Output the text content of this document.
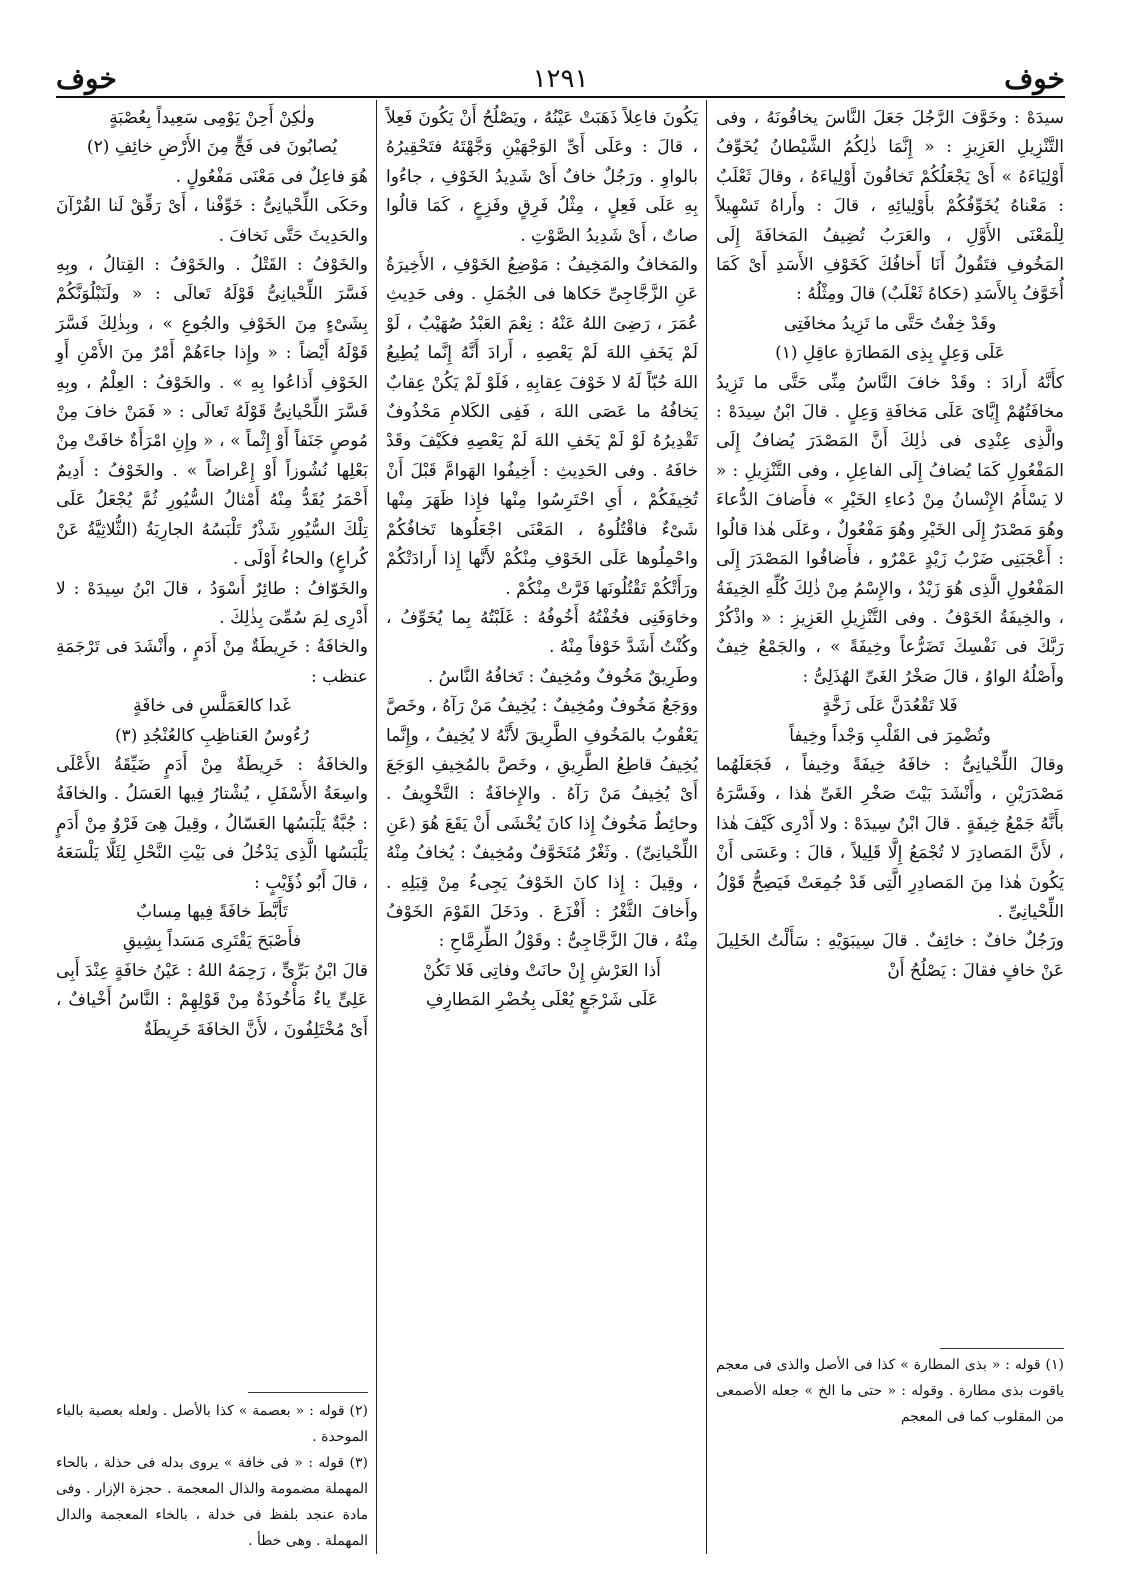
خوف
١٢٩١
خوف

سيدَهْ : وخَوَّفَ الرَّجُلَ جَعَلَ النَّاسَ يخافُونَهُ ، وفى التَّنْزِيلِ العَزِيزِ : « إِنَّمَا ذٰلِكُمُ الشَّيْطانُ يُخَوِّفُ أَوْلِيَاءَهُ » أَىْ يَجْعَلُكُمْ تَخافُونَ أَوْلِياءَهُ ، وقالَ ثَعْلَبٌ : مَعْناهُ يُخَوِّفُكُمْ بأَوْلِيائِهِ ، قالَ : وأَراهُ تَسْهِيلاً لِلْمَعْنَى الأَوَّلِ ، والعَرَبُ تُضِيفُ المَخافَةَ إِلَى المَخُوفِ فتَقُولُ أَنَا أَخافُكَ كَخَوْفِ الأَسَدِ أَىْ كَمَا أُخَوَّفُ بِالأَسَدِ (حَكاهُ ثَعْلَبٌ) قالَ ومِثْلُهُ :

وقَدْ خِفْتُ حَتَّى ما تَزِيدُ مخافَتِى

عَلَى وَعِلٍ بِذِى المَطارَةِ عاقِلِ (١)

كأَنَّهُ أَرادَ : وقَدْ خافَ النَّاسُ مِنِّى حَتَّى ما تَزِيدُ مخافَتُهُمْ إِيَّاىَ عَلَى مَخافَةِ وَعِلٍ . قالَ ابْنُ سِيدَهْ : والَّذِى عِنْدِى فى ذٰلِكَ أَنَّ المَصْدَرَ يُضافُ إِلَى المَفْعُولِ كَمَا يُضافُ إِلَى الفاعِلِ ، وفى التَّنْزِيلِ : « لا يَسْأَمُ الإِنْسانُ مِنْ دُعاءِ الخَيْرِ » فأَضافَ الدُّعاءَ وهُوَ مَصْدَرٌ إِلَى الخَيْرِ وهُوَ مَفْعُولٌ ، وعَلَى هٰذا قالُوا : أَعْجَبَنِى ضَرْبُ زَيْدٍ عَمْرٌو ، فأَضافُوا المَصْدَرَ إِلَى المَفْعُولِ الَّذِى هُوَ زَيْدٌ ، والإِسْمُ مِنْ ذٰلِكَ كُلِّهِ الخِيفَةُ ، والخِيفَةُ الخَوْفُ . وفى التَّنْزِيلِ العَزِيزِ : « واذْكُرْ رَبَّكَ فى نَفْسِكَ تَضَرُّعاً وخِيفَةً » ، والجَمْعُ خِيفٌ وأَصْلُهُ الواوُ ، قالَ صَخْرُ الغَىِّ الهُذَلِىُّ :

فَلا تَقْعُدَنَّ عَلَى زَخَّةٍ

وتُضْمِرَ فى القَلْبِ وَجْداً وخِيفاً

وقالَ اللِّحْيانِىُّ : خافَهُ خِيفَةً وخِيفاً ، فَجَعَلَهُما مَصْدَرَيْنِ ، وأَنْشَدَ بَيْتَ صَخْرِ الغَىِّ هٰذا ، وفَسَّرَهُ بأَنَّهُ جَمْعُ خِيفَةٍ . قالَ ابْنُ سِيدَهْ : ولا أَدْرِى كَيْفَ هٰذا ، لأَنَّ المَصادِرَ لا تُجْمَعُ إِلَّا قَلِيلاً ، قالَ : وعَسَى أَنْ يَكُونَ هٰذا مِنَ المَصادِرِ الَّتِى قَدْ جُمِعَتْ فَيَصِحُّ قَوْلُ اللِّحْيانِىِّ .

ورَجُلٌ خافٌ : خائِفٌ . قالَ سِيبَوَيْهِ : سَأَلْتُ الخَلِيلَ عَنْ خافٍ فقالَ : يَصْلُحُ أَنْ

يَكُونَ فاعِلاً ذَهَبَتْ عَيْنُهُ ، ويَصْلُحُ أَنْ يَكُونَ فَعِلاً ، قالَ : وعَلَى أَىِّ الوَجْهَيْنِ وَجَّهْتَهُ فتَحْقِيرُهُ بالواوِ . ورَجُلٌ خافٌ أَىْ شَدِيدُ الخَوْفِ ، جاءُوا بِهِ عَلَى فَعِلٍ ، مِثْلُ فَرِقٍ وفَزِعٍ ، كَمَا قالُوا صاتٌ ، أَىْ شَدِيدُ الصَّوْتِ .

والمَخافُ والمَخِيفُ : مَوْضِعُ الخَوْفِ ، الأَخِيرَةُ عَنِ الزَّجَّاجِىِّ حَكاها فى الجُمَلِ . وفى حَدِيثِ عُمَرَ ، رَضِىَ اللهُ عَنْهُ : نِعْمَ العَبْدُ صُهَيْبٌ ، لَوْ لَمْ يَخَفِ اللهَ لَمْ يَعْصِهِ ، أَرادَ أَنَّهُ إِنَّما يُطِيعُ اللهَ حُبّاً لَهُ لا خَوْفَ عِقابِهِ ، فَلَوْ لَمْ يَكُنْ عِقابٌ يَخافُهُ ما عَصَى اللهَ ، فَفِى الكَلامِ مَحْذُوفٌ تَقْدِيرُهُ لَوْ لَمْ يَخَفِ اللهَ لَمْ يَعْصِهِ فكَيْفَ وقَدْ خافَهُ . وفى الحَدِيثِ : أَخِيفُوا الهَوامَّ قَبْلَ أَنْ تُخِيفَكُمْ ، أَىِ احْتَرِسُوا مِنْها فإِذا ظَهَرَ مِنْها شَىْءٌ فاقْتُلُوهُ ، المَعْنَى اجْعَلُوها تَخافُكُمْ واحْمِلُوها عَلَى الخَوْفِ مِنْكُمْ لأَنَّها إِذا أَرادَتْكُمْ ورَأَتْكُمْ تَقْتُلُونَها فَرَّتْ مِنْكُمْ .

وخاوَفَنِى فخُفْتُهُ أَخُوفُهُ : غَلَبْتُهُ بِما يُخَوِّفُ ، وكُنْتُ أَشَدَّ خَوْفاً مِنْهُ .

وطَرِيقٌ مَخُوفٌ ومُخِيفٌ : تَخافُهُ النَّاسُ .

ووَجَعٌ مَخُوفٌ ومُخِيفٌ : يُخِيفُ مَنْ رَآهُ ، وخَصَّ يَعْقُوبُ بالمَخُوفِ الطَّرِيقَ لأَنَّهُ لا يُخِيفُ ، وإِنَّما يُخِيفُ قاطِعُ الطَّرِيقِ ، وخَصَّ بالمُخِيفِ الوَجَعَ أَىْ يُخِيفُ مَنْ رَآهُ . والإِخافَةُ : التَّخْوِيفُ . وحائِطٌ مَخُوفٌ إِذا كانَ يُخْشَى أَنْ يَقَعَ هُوَ (عَنِ اللِّحْيانِىِّ) . وثَغْرٌ مُتَخَوَّفٌ ومُخِيفٌ : يُخافُ مِنْهُ ، وقِيلَ : إِذا كانَ الخَوْفُ يَجِىءُ مِنْ قِبَلِهِ . وأَخافَ الثَّغْرُ : أَفْزَعَ . ودَخَلَ القَوْمَ الخَوْفُ مِنْهُ ، قالَ الزَّجَّاجِىُّ : وقَوْلُ الطِّرِمَّاحِ :

أَذا العَرْشِ إِنْ حانَتْ وفاتِى فَلا تَكُنْ

عَلَى شَرْجَعٍ يُعْلَى بِخُضْرِ المَطارِفِ

ولٰكِنْ أَحِنْ يَوْمِى سَعِيداً بِعُصْبَةٍ

يُصابُونَ فى فَجٍّ مِنَ الأَرْضِ خائِفِ (٢)

هُوَ فاعِلٌ فى مَعْنَى مَفْعُولٍ .

وحَكَى اللِّحْيانِىُّ : خَوِّفْنا ، أَىْ رَقِّقْ لَنا القُرْآنَ والحَدِيثَ حَتَّى نَخافَ .

والخَوْفُ : القَتْلُ . والخَوْفُ : القِتالُ ، وبِهِ فَسَّرَ اللِّحْيانِىُّ قَوْلَهُ تَعالَى : « ولَنَبْلُوَنَّكُمْ بِشَىْءٍ مِنَ الخَوْفِ والجُوعِ » ، وبِذٰلِكَ فَسَّرَ قَوْلَهُ أَيْضاً : « وإِذا جاءَهُمْ أَمْرٌ مِنَ الأَمْنِ أَوِ الخَوْفِ أَذاعُوا بِهِ » . والخَوْفُ : العِلْمُ ، وبِهِ فَسَّرَ اللِّحْيانِىُّ قَوْلَهُ تَعالَى : « فَمَنْ خافَ مِنْ مُوصٍ جَنَفاً أَوْ إِثْماً » ، « وإِنِ امْرَأَةٌ خافَتْ مِنْ بَعْلِها نُشُوزاً أَوْ إِعْراضاً » . والخَوْفُ : أَدِيمٌ أَحْمَرُ يُقَدُّ مِنْهُ أَمْثالُ السُّيُورِ ثُمَّ يُجْعَلُ عَلَى تِلْكَ السُّيُورِ شَذْرٌ تَلْبَسُهُ الجارِيَةُ (الثُّلاثِيَّةُ عَنْ كُراعٍ) والحاءُ أَوْلَى .

والخَوّافُ : طائِرٌ أَسْوَدُ ، قالَ ابْنُ سِيدَهْ : لا أَدْرِى لِمَ سُمِّىَ بِذٰلِكَ .

والخافَةُ : خَرِيطَةٌ مِنْ أَدَمٍ ، وأَنْشَدَ فى تَرْجَمَةِ عنظب :

غَدا كالعَمَلَّسِ فى خافَةٍ

رُءُوسُ العَناظِبِ كالعُنْجُدِ (٣)

والخافَةُ : خَرِيطَةٌ مِنْ أَدَمٍ ضَيِّقَةُ الأَعْلَى واسِعَةُ الأَسْفَلِ ، يُشْتارُ فِيها العَسَلُ . والخافَةُ : جُبَّةٌ يَلْبَسُها العَسّالُ ، وقِيلَ هِىَ فَرْوٌ مِنْ أَدَمٍ يَلْبَسُها الَّذِى يَدْخُلُ فى بَيْتِ النَّحْلِ لِئَلَّا يَلْسَعَهُ ، قالَ أَبُو ذُؤَيْبٍ :

تَأَبَّطَ خافَةً فِيها مِسابٌ

فأَصْبَحَ يَقْتَرِى مَسَداً بِشِيقِ

قالَ ابْنُ بَرِّىٍّ ، رَحِمَهُ اللهُ : عَيْنُ خافَةٍ عِنْدَ أَبِى عَلِىٍّ ياءٌ مَأْخُوذَةٌ مِنْ قَوْلِهِمْ : النَّاسُ أَخْيافٌ ، أَىْ مُخْتَلِفُونَ ، لأَنَّ الخافَةَ خَرِيطَةٌ

(١) قوله : « بذى المطارة » كذا فى الأصل والذى فى معجم ياقوت بذى مطارة . وقوله : « حتى ما الخ » جعله الأصمعى من المقلوب كما فى المعجم

(٢) قوله : « بعصمة » كذا بالأصل . ولعله بعصبة بالباء الموحدة .

(٣) قوله : « فى خافة » يروى بدله فى حذلة ، بالحاء المهملة مضمومة والذال المعجمة . حجزة الإزار . وفى مادة عنجد بلفظ فى خدلة ، بالخاء المعجمة والدال المهملة . وهى خطأ .
